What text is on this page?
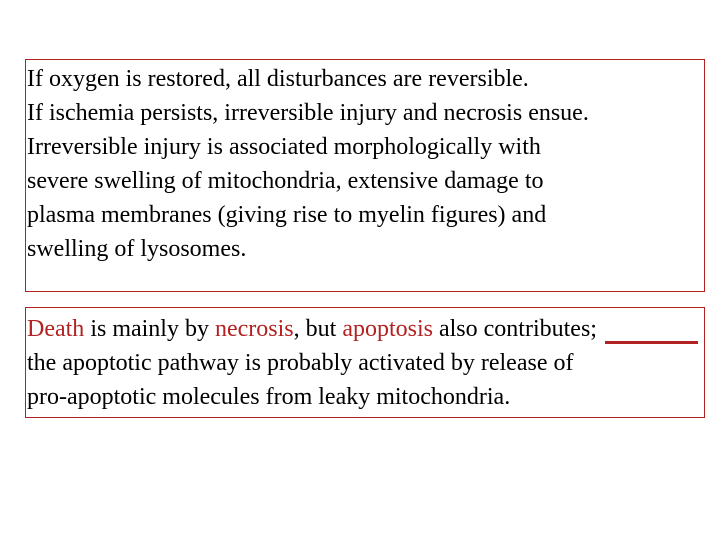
If oxygen is restored, all disturbances are reversible.
If ischemia persists, irreversible injury and necrosis ensue.
Irreversible injury is associated morphologically with
severe swelling of mitochondria, extensive damage to
plasma membranes (giving rise to myelin figures) and
swelling of lysosomes.
Death is mainly by necrosis, but apoptosis also contributes;
the apoptotic pathway is probably activated by release of
pro-apoptotic molecules from leaky mitochondria.
